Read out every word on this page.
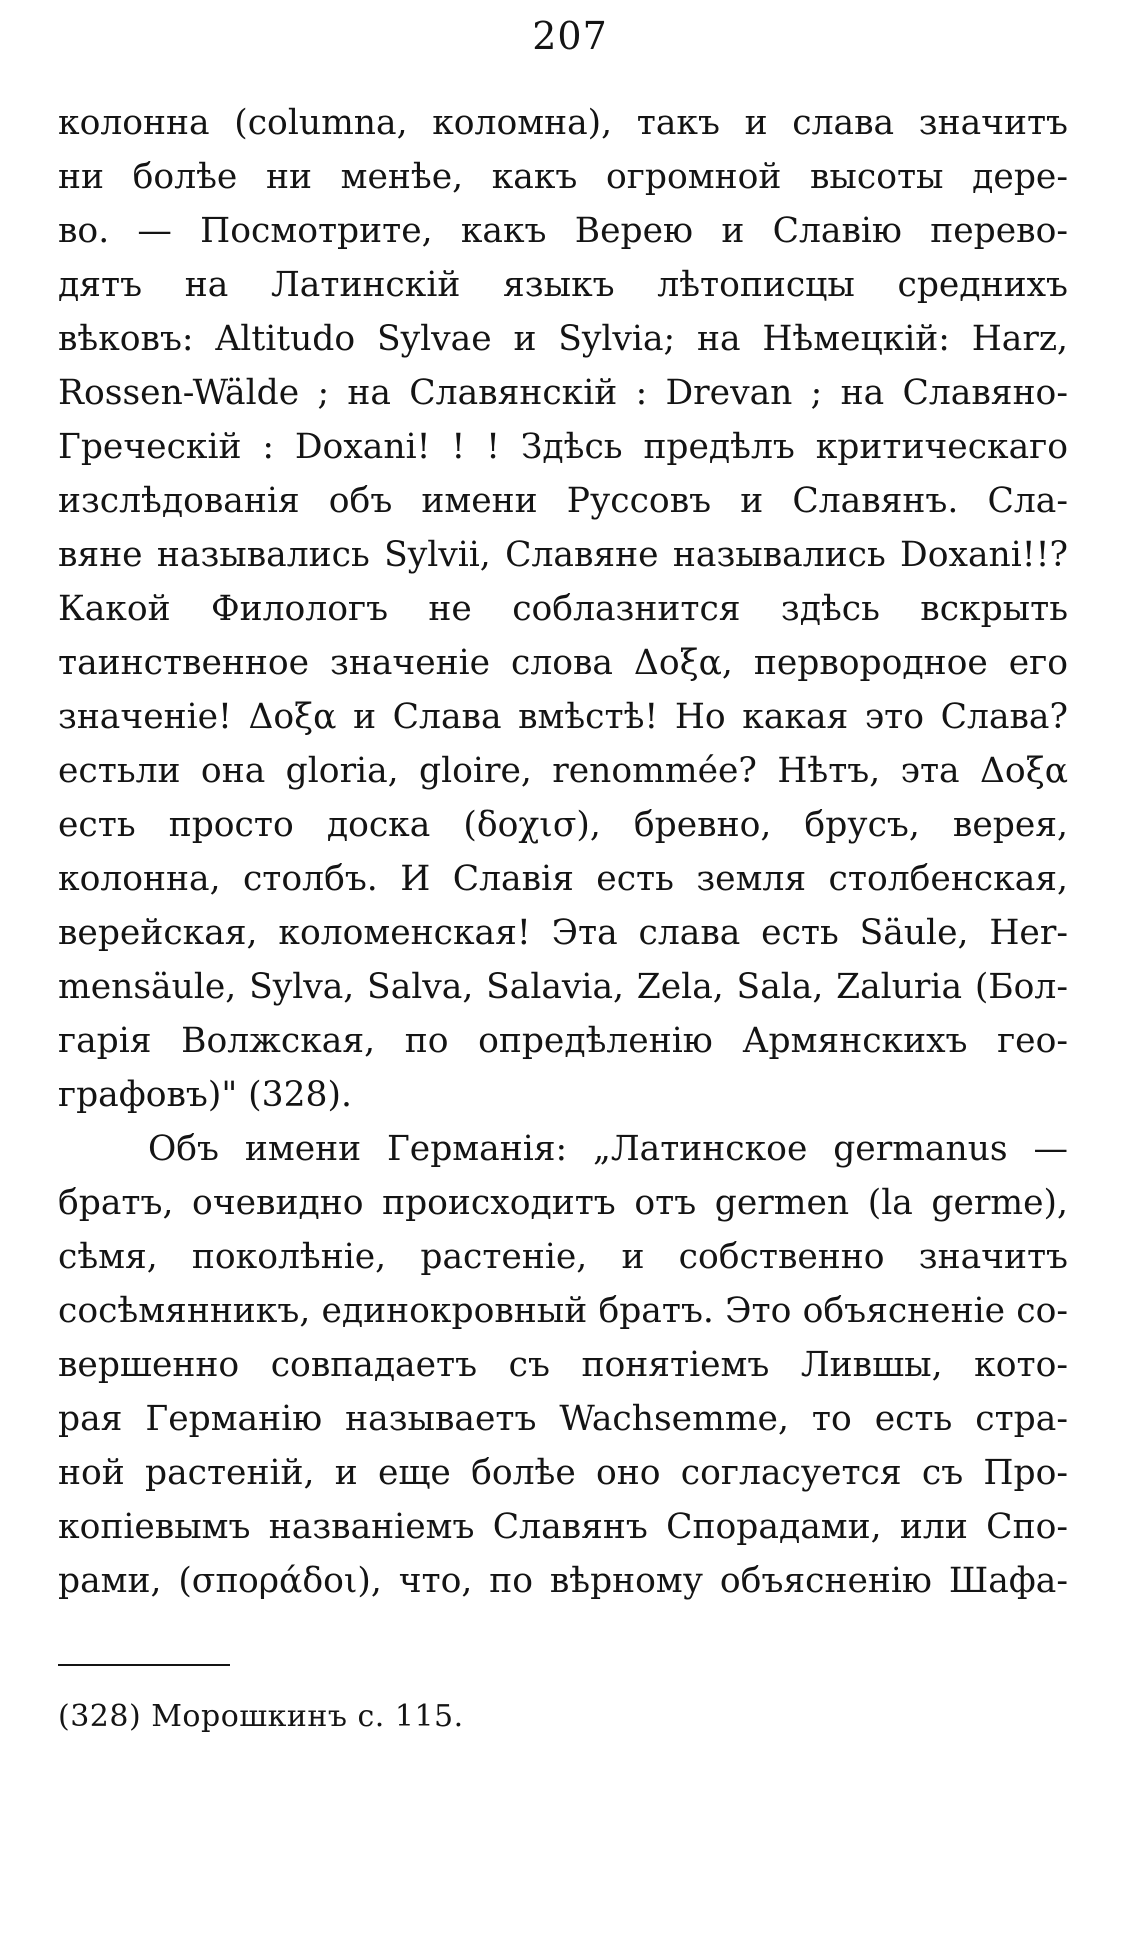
207
колонна (columna, коломна), такъ и слава значитъ
ни болѣе ни менѣе, какъ огромной высоты дере-
во. — Посмотрите, какъ Верею и Славію перево-
дятъ на Латинскій языкъ лѣтописцы среднихъ
вѣковъ: Altitudo Sylvae и Sylvia; на Нѣмецкій: Harz,
Rossen-Wälde ; на Славянскій : Drevan ; на Славяно-
Греческій : Doxani! ! ! Здѣсь предѣлъ критическаго
изслѣдованія объ имени Руссовъ и Славянъ. Сла-
вяне назывались Sylvii, Славяне назывались Doxani!!?
Какой Филологъ не соблазнится здѣсь вскрыть
таинственное значеніе слова Δοξα, первородное его
значеніе! Δοξα и Слава вмѣстѣ! Но какая это Слава?
естьли она gloria, gloire, renommée? Нѣтъ, эта Δοξα
есть просто доска (δοχισ), бревно, брусъ, верея,
колонна, столбъ. И Славія есть земля столбенская,
верейская, коломенская! Эта слава есть Säule, Her-
mensäule, Sylva, Salva, Salavia, Zela, Sala, Zaluria (Бол-
гарія Волжская, по опредѣленію Армянскихъ гео-
графовъ)" (328).
Объ имени Германія: „Латинское germanus —
братъ, очевидно происходитъ отъ germen (la germe),
сѣмя, поколѣніе, растеніе, и собственно значитъ
сосѣмянникъ, единокровный братъ. Это объясненіе со-
вершенно совпадаетъ съ понятіемъ Лившы, кото-
рая Германію называетъ Wachsemme, то есть стра-
ной растеній, и еще болѣе оно согласуется съ Про-
копіевымъ названіемъ Славянъ Спорадами, или Спо-
рами, (σποράδοι), что, по вѣрному объясненію Шафа-
(328) Морошкинъ с. 115.
